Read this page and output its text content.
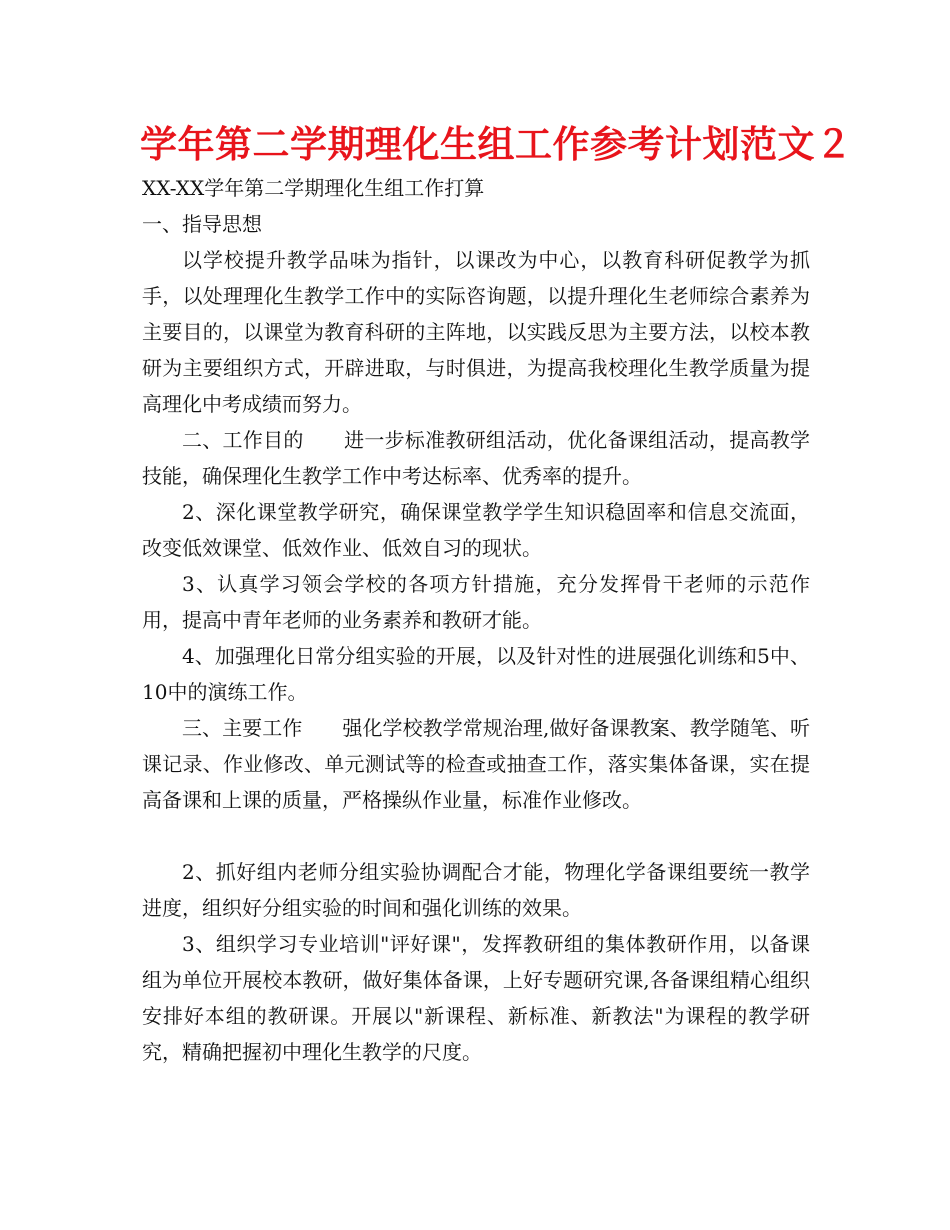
学年第二学期理化生组工作参考计划范文２

XX-XX学年第二学期理化生组工作打算

一、指导思想

以学校提升教学品味为指针，以课改为中心，以教育科研促教学为抓手，以处理理化生教学工作中的实际咨询题，以提升理化生老师综合素养为主要目的，以课堂为教育科研的主阵地，以实践反思为主要方法，以校本教研为主要组织方式，开辟进取，与时俱进，为提高我校理化生教学质量为提高理化中考成绩而努力。

二、工作目的　　进一步标准教研组活动，优化备课组活动，提高教学技能，确保理化生教学工作中考达标率、优秀率的提升。

2、深化课堂教学研究，确保课堂教学学生知识稳固率和信息交流面，改变低效课堂、低效作业、低效自习的现状。

3、认真学习领会学校的各项方针措施，充分发挥骨干老师的示范作用，提高中青年老师的业务素养和教研才能。

4、加强理化日常分组实验的开展，以及针对性的进展强化训练和5中、10中的演练工作。

三、主要工作　　强化学校教学常规治理,做好备课教案、教学随笔、听课记录、作业修改、单元测试等的检查或抽查工作，落实集体备课，实在提高备课和上课的质量，严格操纵作业量，标准作业修改。

2、抓好组内老师分组实验协调配合才能，物理化学备课组要统一教学进度，组织好分组实验的时间和强化训练的效果。

3、组织学习专业培训"评好课"，发挥教研组的集体教研作用，以备课组为单位开展校本教研，做好集体备课，上好专题研究课,各备课组精心组织安排好本组的教研课。开展以"新课程、新标准、新教法"为课程的教学研究，精确把握初中理化生教学的尺度。
